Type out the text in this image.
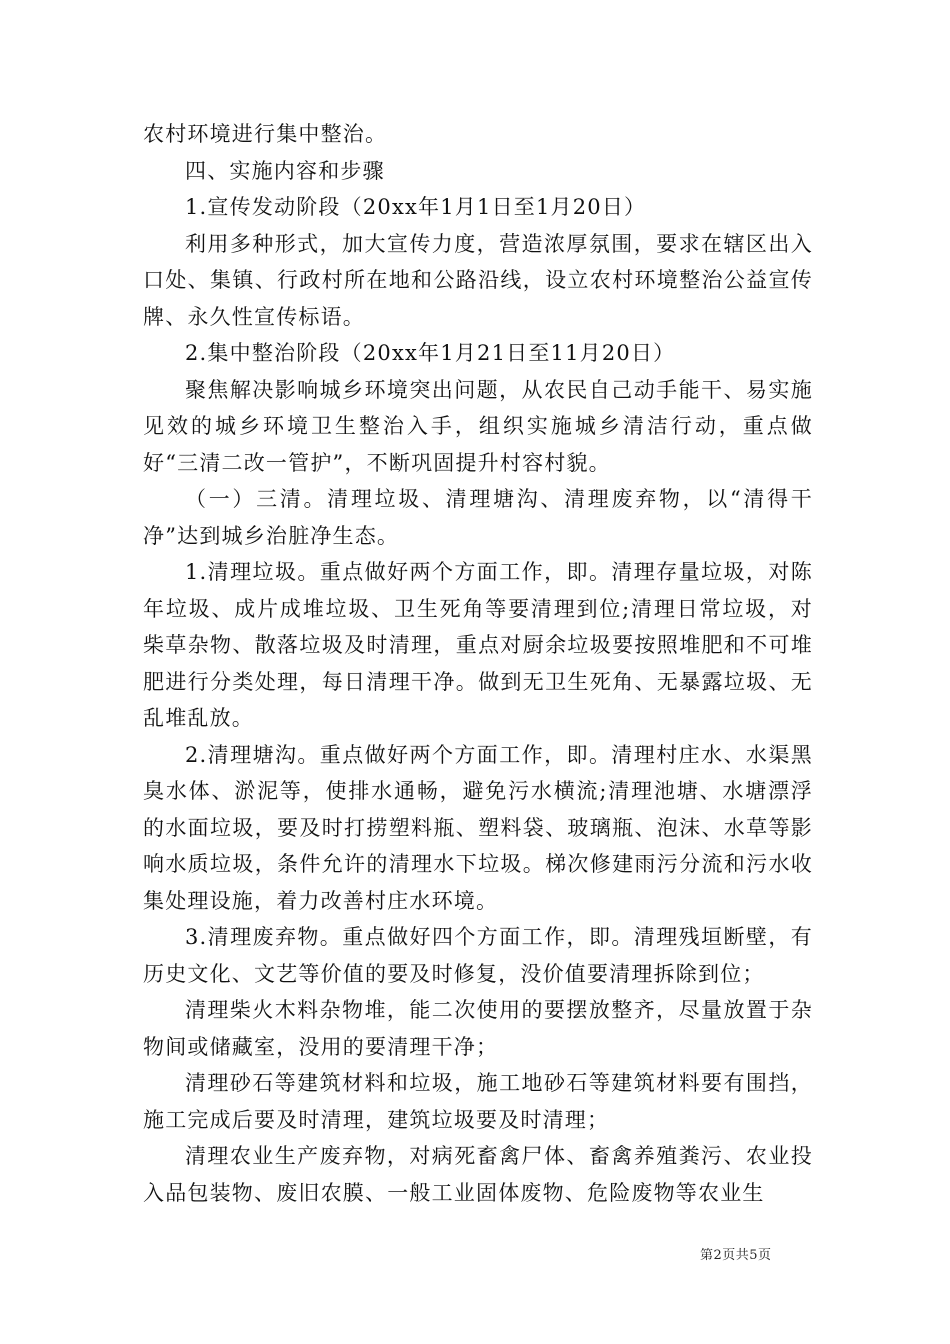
农村环境进行集中整治。

四、实施内容和步骤

1.宣传发动阶段（20xx年1月1日至1月20日）

利用多种形式，加大宣传力度，营造浓厚氛围，要求在辖区出入口处、集镇、行政村所在地和公路沿线，设立农村环境整治公益宣传牌、永久性宣传标语。

2.集中整治阶段（20xx年1月21日至11月20日）

聚焦解决影响城乡环境突出问题，从农民自己动手能干、易实施见效的城乡环境卫生整治入手，组织实施城乡清洁行动，重点做好“三清二改一管护”，不断巩固提升村容村貌。

（一）三清。清理垃圾、清理塘沟、清理废弃物，以“清得干净”达到城乡治脏净生态。

1.清理垃圾。重点做好两个方面工作，即。清理存量垃圾，对陈年垃圾、成片成堆垃圾、卫生死角等要清理到位;清理日常垃圾，对柴草杂物、散落垃圾及时清理，重点对厨余垃圾要按照堆肥和不可堆肥进行分类处理，每日清理干净。做到无卫生死角、无暴露垃圾、无乱堆乱放。

2.清理塘沟。重点做好两个方面工作，即。清理村庄水、水渠黑臭水体、淤泥等，使排水通畅，避免污水横流;清理池塘、水塘漂浮的水面垃圾，要及时打捞塑料瓶、塑料袋、玻璃瓶、泡沫、水草等影响水质垃圾，条件允许的清理水下垃圾。梯次修建雨污分流和污水收集处理设施，着力改善村庄水环境。

3.清理废弃物。重点做好四个方面工作，即。清理残垣断壁，有历史文化、文艺等价值的要及时修复，没价值要清理拆除到位；

清理柴火木料杂物堆，能二次使用的要摆放整齐，尽量放置于杂物间或储藏室，没用的要清理干净；

清理砂石等建筑材料和垃圾，施工地砂石等建筑材料要有围挡，施工完成后要及时清理，建筑垃圾要及时清理；

清理农业生产废弃物，对病死畜禽尸体、畜禽养殖粪污、农业投入品包装物、废旧农膜、一般工业固体废物、危险废物等农业生

第2页共5页
